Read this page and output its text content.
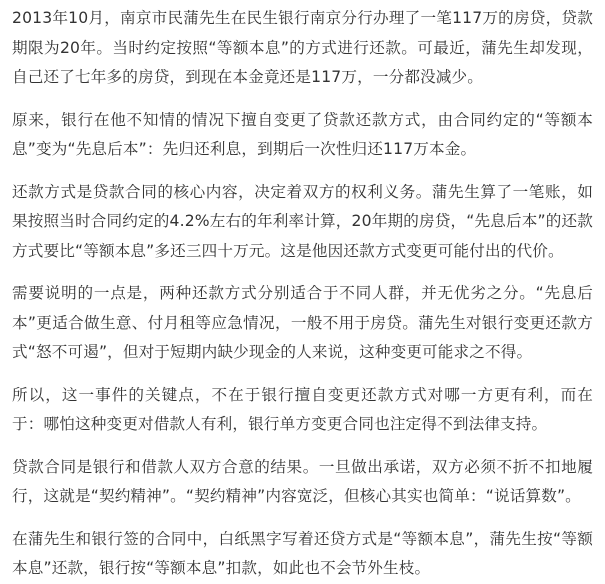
2013年10月，南京市民蒲先生在民生银行南京分行办理了一笔117万的房贷，贷款期限为20年。当时约定按照“等额本息”的方式进行还款。可最近，蒲先生却发现，自己还了七年多的房贷，到现在本金竟还是117万，一分都没减少。

原来，银行在他不知情的情况下擅自变更了贷款还款方式，由合同约定的“等额本息”变为“先息后本”：先归还利息，到期后一次性归还117万本金。

还款方式是贷款合同的核心内容，决定着双方的权利义务。蒲先生算了一笔账，如果按照当时合同约定的4.2%左右的年利率计算，20年期的房贷，“先息后本”的还款方式要比“等额本息”多还三四十万元。这是他因还款方式变更可能付出的代价。

需要说明的一点是，两种还款方式分别适合于不同人群，并无优劣之分。“先息后本”更适合做生意、付月租等应急情况，一般不用于房贷。蒲先生对银行变更还款方式“怒不可遏”，但对于短期内缺少现金的人来说，这种变更可能求之不得。

所以，这一事件的关键点，不在于银行擅自变更还款方式对哪一方更有利，而在于：哪怕这种变更对借款人有利，银行单方变更合同也注定得不到法律支持。

贷款合同是银行和借款人双方合意的结果。一旦做出承诺，双方必须不折不扣地履行，这就是“契约精神”。“契约精神”内容宽泛，但核心其实也简单：“说话算数”。

在蒲先生和银行签的合同中，白纸黑字写着还贷方式是“等额本息”，蒲先生按“等额本息”还款，银行按“等额本息”扣款，如此也不会节外生枝。
